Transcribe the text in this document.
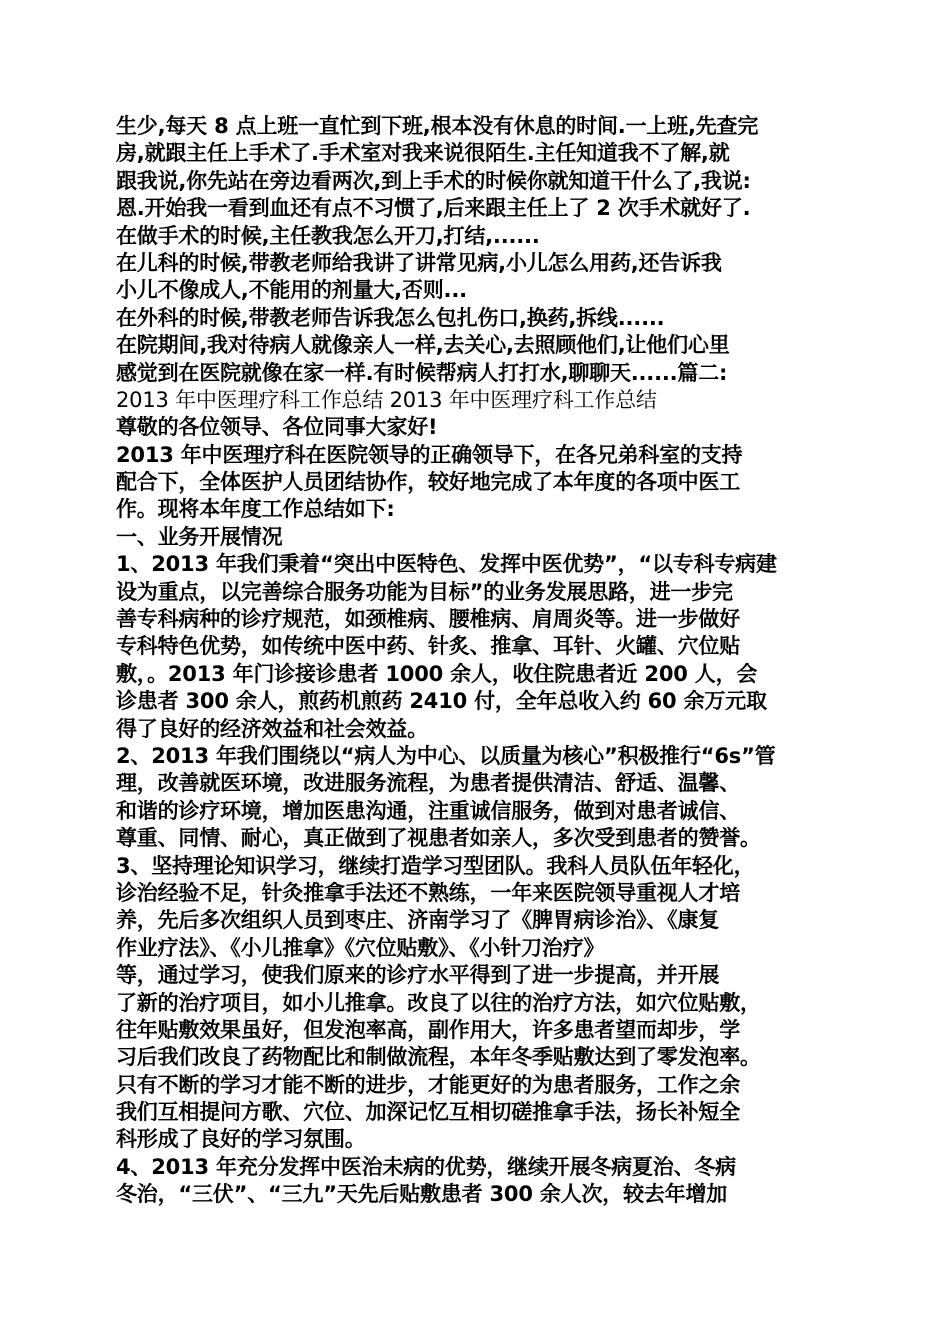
生少,每天 8 点上班一直忙到下班,根本没有休息的时间.一上班,先查完
房,就跟主任上手术了.手术室对我来说很陌生.主任知道我不了解,就
跟我说,你先站在旁边看两次,到上手术的时候你就知道干什么了,我说:
恩.开始我一看到血还有点不习惯了,后来跟主任上了 2 次手术就好了.
在做手术的时候,主任教我怎么开刀,打结,......
在儿科的时候,带教老师给我讲了讲常见病,小儿怎么用药,还告诉我
小儿不像成人,不能用的剂量大,否则...
在外科的时候,带教老师告诉我怎么包扎伤口,换药,拆线......
在院期间,我对待病人就像亲人一样,去关心,去照顾他们,让他们心里
感觉到在医院就像在家一样.有时候帮病人打打水,聊聊天......篇二:
2013 年中医理疗科工作总结 2013 年中医理疗科工作总结
尊敬的各位领导、各位同事大家好!
2013 年中医理疗科在医院领导的正确领导下，在各兄弟科室的支持
配合下，全体医护人员团结协作，较好地完成了本年度的各项中医工
作。现将本年度工作总结如下:
一、业务开展情况
1、2013 年我们秉着“突出中医特色、发挥中医优势”，“以专科专病建
设为重点，以完善综合服务功能为目标”的业务发展思路，进一步完
善专科病种的诊疗规范，如颈椎病、腰椎病、肩周炎等。进一步做好
专科特色优势，如传统中医中药、针炙、推拿、耳针、火罐、穴位贴
敷，。2013 年门诊接诊患者 1000 余人，收住院患者近 200 人，会
诊患者 300 余人，煎药机煎药 2410 付，全年总收入约 60 余万元取
得了良好的经济效益和社会效益。
2、2013 年我们围绕以“病人为中心、以质量为核心”积极推行“6s”管
理，改善就医环境，改进服务流程，为患者提供清洁、舒适、温馨、
和谐的诊疗环境，增加医患沟通，注重诚信服务，做到对患者诚信、
尊重、同情、耐心，真正做到了视患者如亲人，多次受到患者的赞誉。
3、坚持理论知识学习，继续打造学习型团队。我科人员队伍年轻化，
诊治经验不足，针灸推拿手法还不熟练，一年来医院领导重视人才培
养，先后多次组织人员到枣庄、济南学习了《脾胃病诊治》、《康复
作业疗法》、《小儿推拿》《穴位贴敷》、《小针刀治疗》
等，通过学习，使我们原来的诊疗水平得到了进一步提高，并开展
了新的治疗项目，如小儿推拿。改良了以往的治疗方法，如穴位贴敷，
往年贴敷效果虽好，但发泡率高，副作用大，许多患者望而却步，学
习后我们改良了药物配比和制做流程，本年冬季贴敷达到了零发泡率。
只有不断的学习才能不断的进步，才能更好的为患者服务，工作之余
我们互相提问方歌、穴位、加深记忆互相切磋推拿手法，扬长补短全
科形成了良好的学习氛围。
4、2013 年充分发挥中医治未病的优势，继续开展冬病夏治、冬病
冬治，“三伏”、“三九”天先后贴敷患者 300 余人次，较去年增加
